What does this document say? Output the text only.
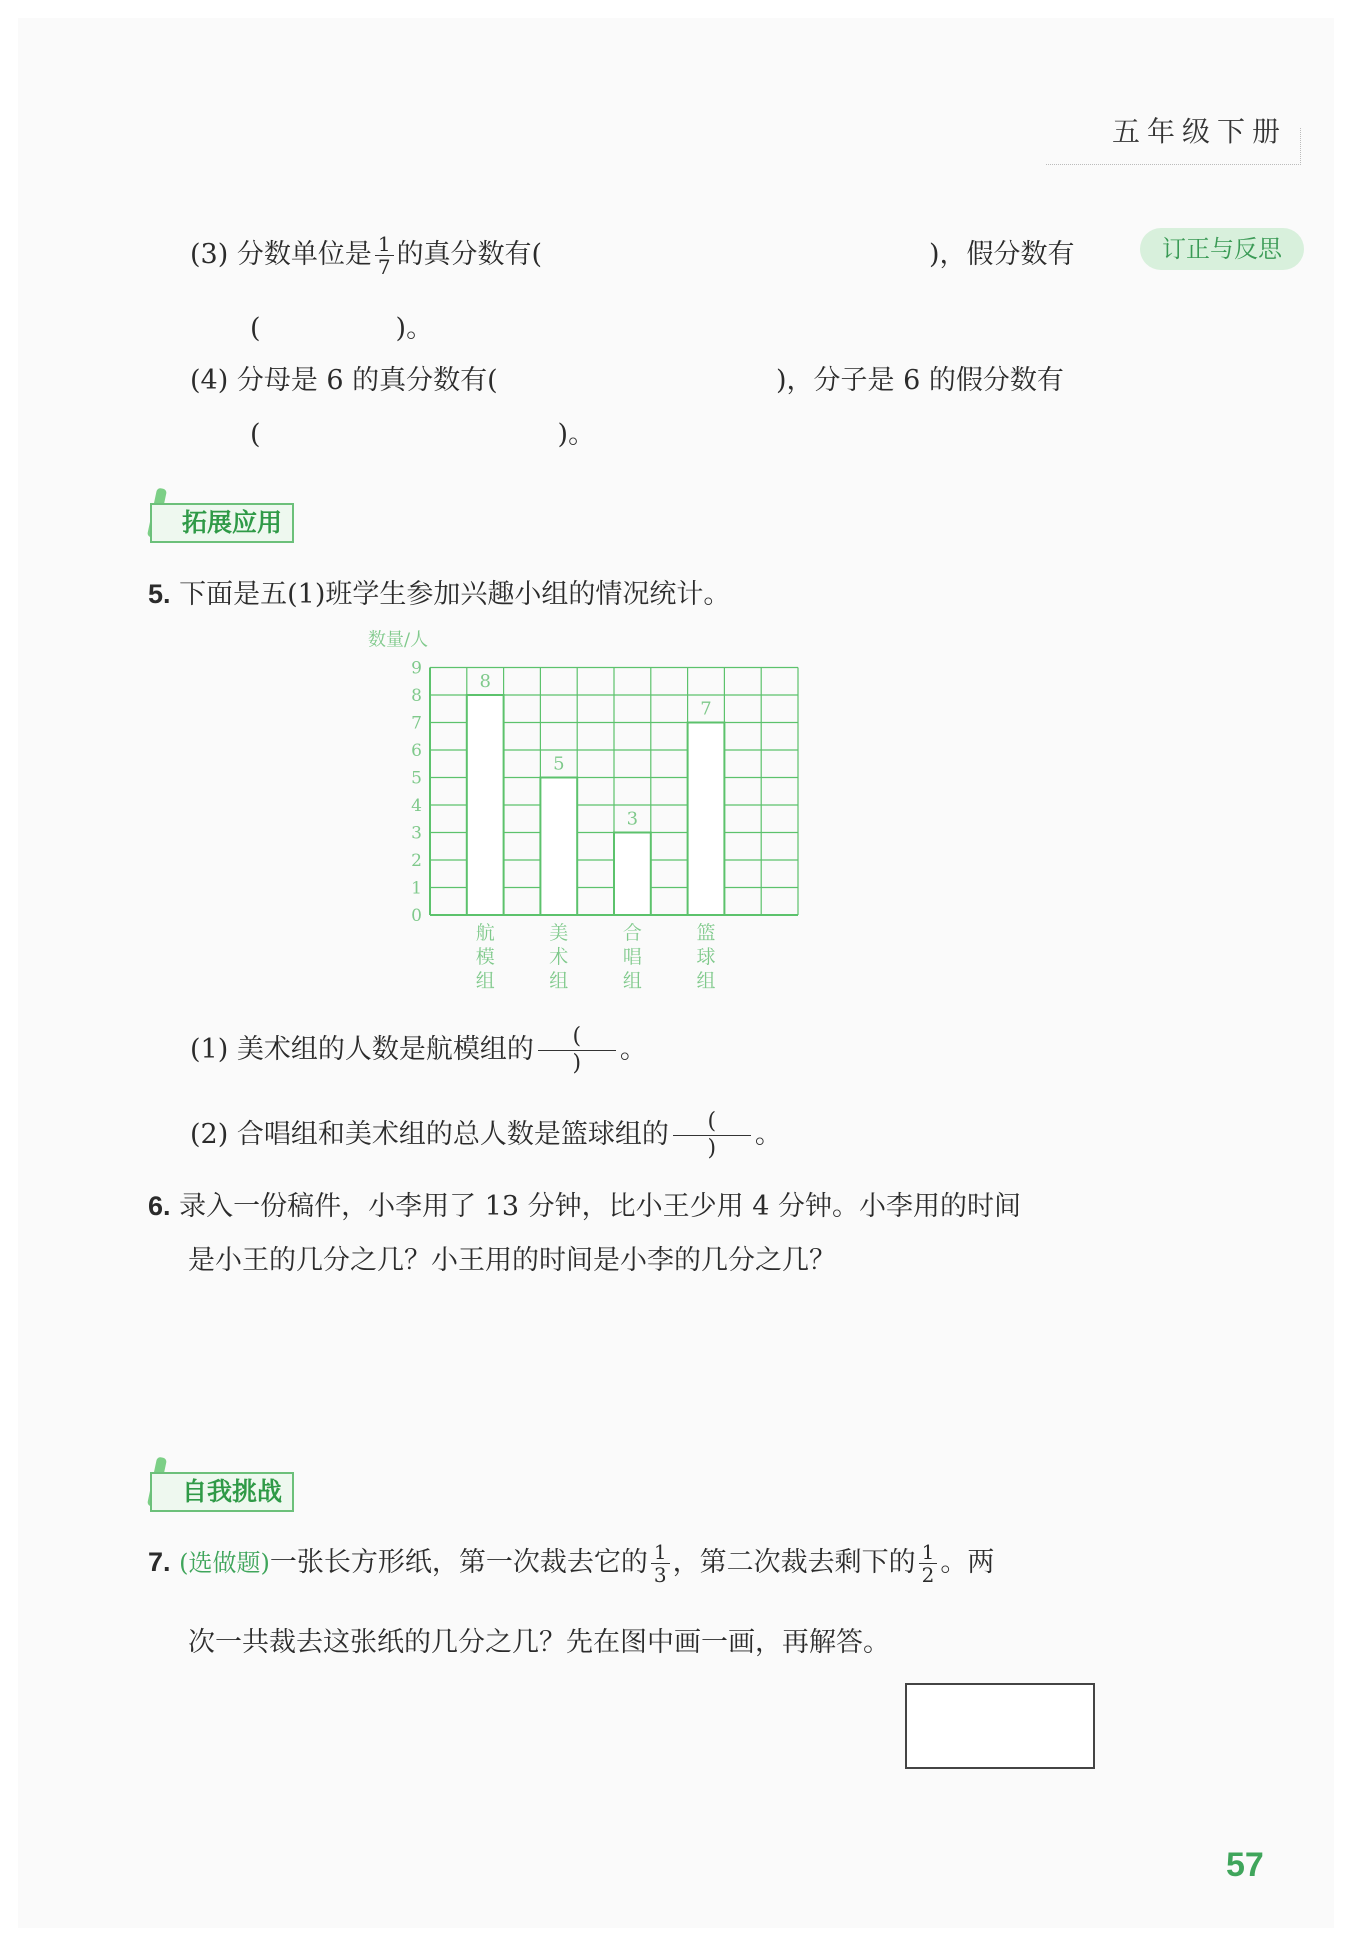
五年级下册
订正与反思
(3) 分数单位是 $\frac{1}{7}$ 的真分数有(	)，假分数有
(　　　　　)。
(4) 分母是 6 的真分数有(	)，分子是 6 的假分数有
(　　　　　　　　　　　)。
拓展应用
5. 下面是五(1)班学生参加兴趣小组的情况统计。
0
1
2
3
4
5
6
7
8
9
数量/人
8
航
模
组
5
美
术
组
3
合
唱
组
7
篮
球
组
(1) 美术组的人数是航模组的 $\frac{(}{)}$ 。
(2) 合唱组和美术组的总人数是篮球组的 $\frac{(}{)}$ 。
6. 录入一份稿件，小李用了 13 分钟，比小王少用 4 分钟。小李用的时间
是小王的几分之几？小王用的时间是小李的几分之几？
自我挑战
7. (选做题)一张长方形纸，第一次裁去它的 $\frac{1}{3}$ ，第二次裁去剩下的 $\frac{1}{2}$ 。两
次一共裁去这张纸的几分之几？先在图中画一画，再解答。
57
